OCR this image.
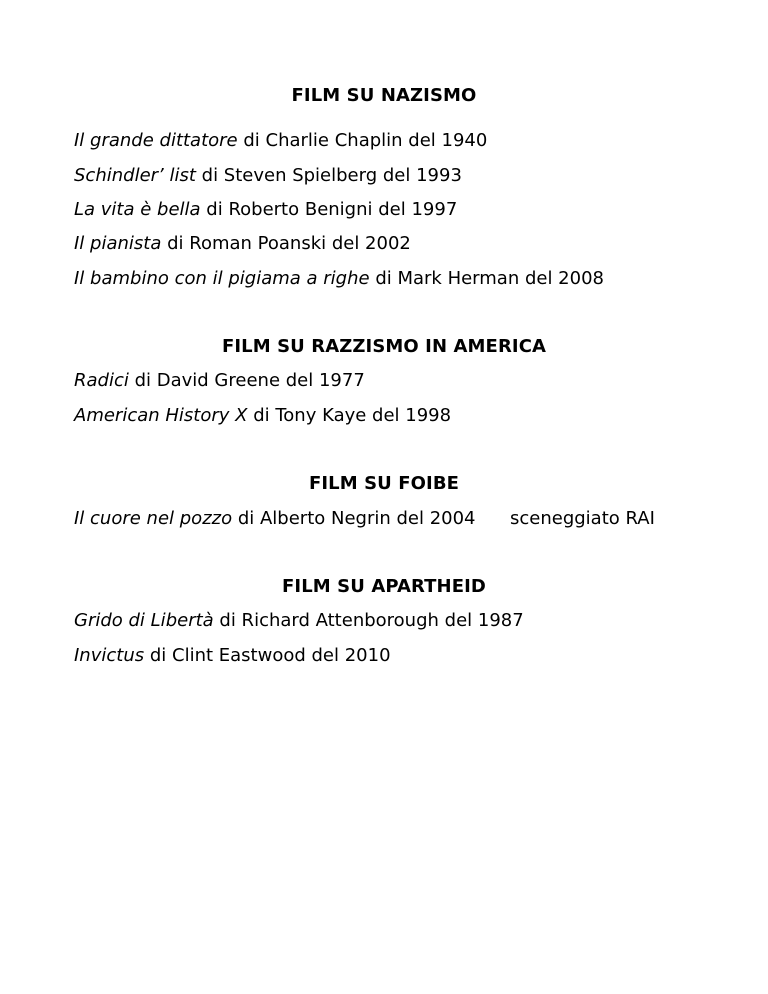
FILM SU NAZISMO
Il grande dittatore di Charlie Chaplin del 1940
Schindler’ list di Steven Spielberg del 1993
La vita è bella di Roberto Benigni del 1997
Il pianista di Roman Poanski del 2002
Il bambino con il pigiama a righe di Mark Herman del 2008
FILM SU RAZZISMO IN AMERICA
Radici di David Greene del 1977
American History X di Tony Kaye del 1998
FILM SU FOIBE
Il cuore nel pozzo di Alberto Negrin del 2004 sceneggiato RAI
FILM SU APARTHEID
Grido di Libertà di Richard Attenborough del 1987
Invictus di Clint Eastwood del 2010
